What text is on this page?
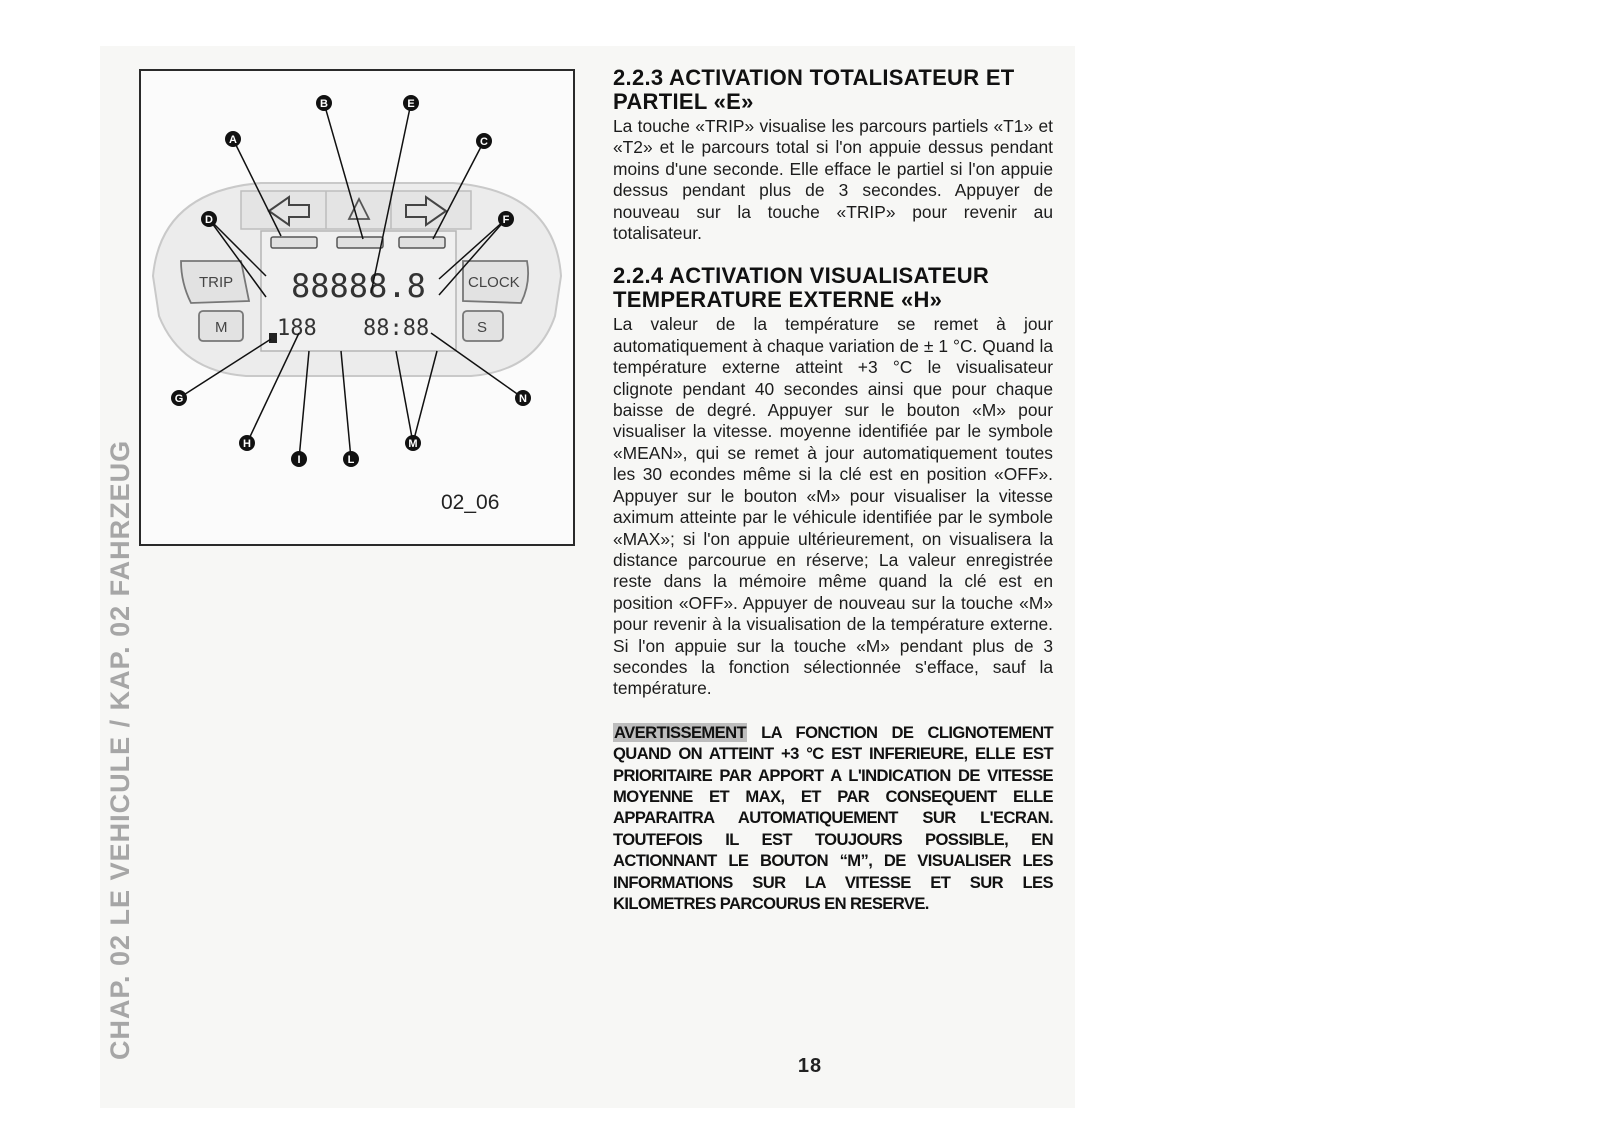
CHAP. 02 LE VEHICULE / KAP. 02 FAHRZEUG
88888.8
188 88:88
TRIP	CLOCK
M	S
A
B
C
D
E
F
G
H
I	L
M
N
02_06
2.2.3 ACTIVATION TOTALISATEUR ET PARTIEL «E»

La touche «TRIP» visualise les parcours partiels «T1» et «T2» et le parcours total si l'on appuie dessus pendant moins d'une seconde. Elle efface le partiel si l'on appuie dessus pendant plus de 3 secondes. Appuyer de nouveau sur la touche «TRIP» pour revenir au totalisateur.

2.2.4 ACTIVATION VISUALISATEUR TEMPERATURE EXTERNE «H»

La valeur de la température se remet à jour automatiquement à chaque variation de ± 1 °C. Quand la température externe atteint +3 °C le visualisateur clignote pendant 40 secondes ainsi que pour chaque baisse de degré. Appuyer sur le bouton «M» pour visualiser la vitesse. moyenne identifiée par le symbole «MEAN», qui se remet à jour automatiquement toutes les 30 econdes même si la clé est en position «OFF». Appuyer sur le bouton «M» pour visualiser la vitesse aximum atteinte par le véhicule identifiée par le symbole «MAX»; si l'on appuie ultérieurement, on visualisera la distance parcourue en réserve; La valeur enregistrée reste dans la mémoire même quand la clé est en position «OFF». Appuyer de nouveau sur la touche «M» pour revenir à la visualisation de la température externe. Si l'on appuie sur la touche «M» pendant plus de 3 secondes la fonction sélectionnée s'efface, sauf la température.

AVERTISSEMENT LA FONCTION DE CLIGNOTEMENT QUAND ON ATTEINT +3 °C EST INFERIEURE, ELLE EST PRIORITAIRE PAR APPORT A L'INDICATION DE VITESSE MOYENNE ET MAX, ET PAR CONSEQUENT ELLE APPARAITRA AUTOMATIQUEMENT SUR L'ECRAN. TOUTEFOIS IL EST TOUJOURS POSSIBLE, EN ACTIONNANT LE BOUTON “M”, DE VISUALISER LES INFORMATIONS SUR LA VITESSE ET SUR LES KILOMETRES PARCOURUS EN RESERVE.
18
